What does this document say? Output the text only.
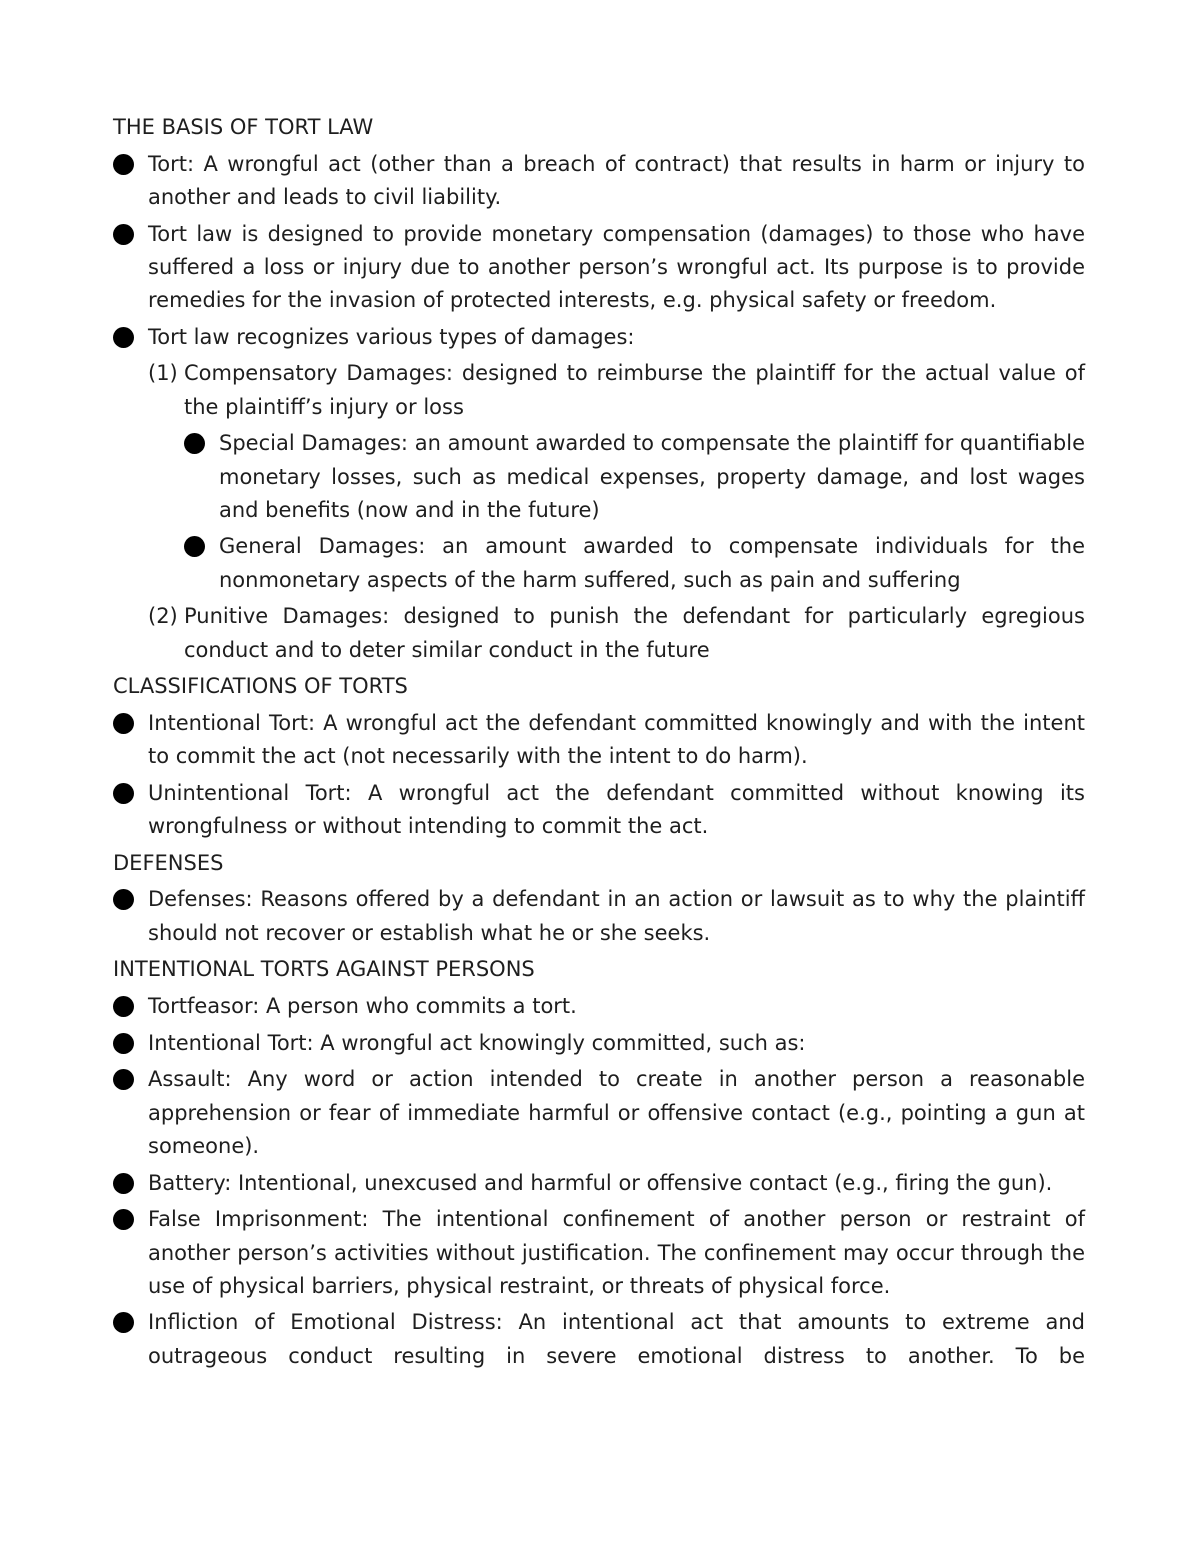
THE BASIS OF TORT LAW
Tort: A wrongful act (other than a breach of contract) that results in harm or injury to another and leads to civil liability.
Tort law is designed to provide monetary compensation (damages) to those who have suffered a loss or injury due to another person’s wrongful act. Its purpose is to provide remedies for the invasion of protected interests, e.g. physical safety or freedom.
Tort law recognizes various types of damages:
(1) Compensatory Damages: designed to reimburse the plaintiff for the actual value of the plaintiff’s injury or loss
Special Damages: an amount awarded to compensate the plaintiff for quantifiable monetary losses, such as medical expenses, property damage, and lost wages and benefits (now and in the future)
General Damages: an amount awarded to compensate individuals for the nonmonetary aspects of the harm suffered, such as pain and suffering
(2) Punitive Damages: designed to punish the defendant for particularly egregious conduct and to deter similar conduct in the future
CLASSIFICATIONS OF TORTS
Intentional Tort: A wrongful act the defendant committed knowingly and with the intent to commit the act (not necessarily with the intent to do harm).
Unintentional Tort: A wrongful act the defendant committed without knowing its wrongfulness or without intending to commit the act.
DEFENSES
Defenses: Reasons offered by a defendant in an action or lawsuit as to why the plaintiff should not recover or establish what he or she seeks.
INTENTIONAL TORTS AGAINST PERSONS
Tortfeasor: A person who commits a tort.
Intentional Tort: A wrongful act knowingly committed, such as:
Assault: Any word or action intended to create in another person a reasonable apprehension or fear of immediate harmful or offensive contact (e.g., pointing a gun at someone).
Battery: Intentional, unexcused and harmful or offensive contact (e.g., firing the gun).
False Imprisonment: The intentional confinement of another person or restraint of another person’s activities without justification. The confinement may occur through the use of physical barriers, physical restraint, or threats of physical force.
Infliction of Emotional Distress: An intentional act that amounts to extreme and outrageous conduct resulting in severe emotional distress to another. To be
